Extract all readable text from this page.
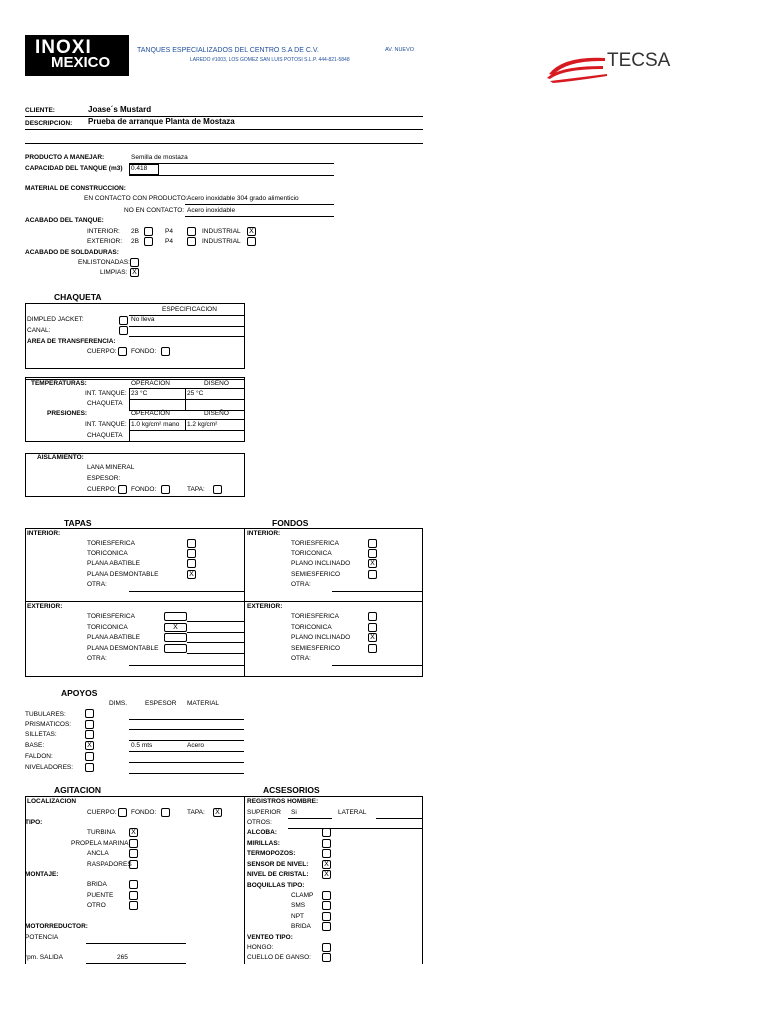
INOXI
MEXICO
TANQUES ESPECIALIZADOS DEL CENTRO S.A DE C.V.
LAREDO #1003, LOS GOMEZ SAN LUIS POTOSI S.L.P. 444-821-5848
AV. NUEVO	TECSA
CLIENTE:	Joase´s Mustard
DESCRIPCION: Prueba de arranque Planta de Mostaza
PRODUCTO A MANEJAR:	Semilla de mostaza
CAPACIDAD DEL TANQUE (m3) 0.418
MATERIAL DE CONSTRUCCION:
EN CONTACTO CON PRODUCTO: Acero inoxidable 304 grado alimenticio
NO EN CONTACTO: Acero inoxidable
ACABADO DEL TANQUE:
INTERIOR: 2B	P4	INDUSTRIAL	X
EXTERIOR: 2B	P4	INDUSTRIAL
ACABADO DE SOLDADURAS:
ENLISTONADAS:
LIMPIAS: X
CHAQUETA
ESPECIFICACION
DIMPLED JACKET:	No lleva
CANAL:
AREA DE TRANSFERENCIA:
CUERPO: FONDO:
TEMPERATURAS:	OPERACIÓN	DISEÑO
INT. TANQUE: 23 °C	25 °C
CHAQUETA
PRESIONES:	OPERACIÓN	DISEÑO
INT. TANQUE: 1.0 kg/cm² mano 1.2 kg/cm²
CHAQUETA
AISLAMIENTO:
LANA MINERAL
ESPESOR:
CUERPO: FONDO:	TAPA:
TAPAS	FONDOS
INTERIOR:
TORIESFERICA
TORICONICA
PLANA ABATIBLE
PLANA DESMONTABLE	X
OTRA:
EXTERIOR:
TORIESFERICA
TORICONICA	X
PLANA ABATIBLE
PLANA DESMONTABLE
OTRA:
INTERIOR:
TORIESFERICA
TORICONICA
PLANO INCLINADO	X
SEMIESFERICO
OTRA:
EXTERIOR:
TORIESFERICA
TORICONICA
PLANO INCLINADO	X
SEMIESFERICO
OTRA:
APOYOS
DIMS.	ESPESOR MATERIAL
TUBULARES:
PRISMATICOS:
SILLETAS:
BASE:	X	0.5 mts	Acero
FALDON:
NIVELADORES:
AGITACION	ACSESORIOS
LOCALIZACION
CUERPO: FONDO:	TAPA:	X
TIPO:
TURBINA	X
PROPELA MARINA
ANCLA
RASPADORES
MONTAJE:
BRIDA
PUENTE
OTRO
MOTORREDUCTOR:
POTENCIA
rpm. SALIDA	265
REGISTROS HOMBRE:
SUPERIOR Si	LATERAL
OTROS:
ALCOBA:
MIRILLAS:
TERMOPOZOS:
SENSOR DE NIVEL:	X
NIVEL DE CRISTAL:	X
BOQUILLAS TIPO:
CLAMP
SMS
NPT
BRIDA
VENTEO TIPO:
HONGO:
CUELLO DE GANSO:
